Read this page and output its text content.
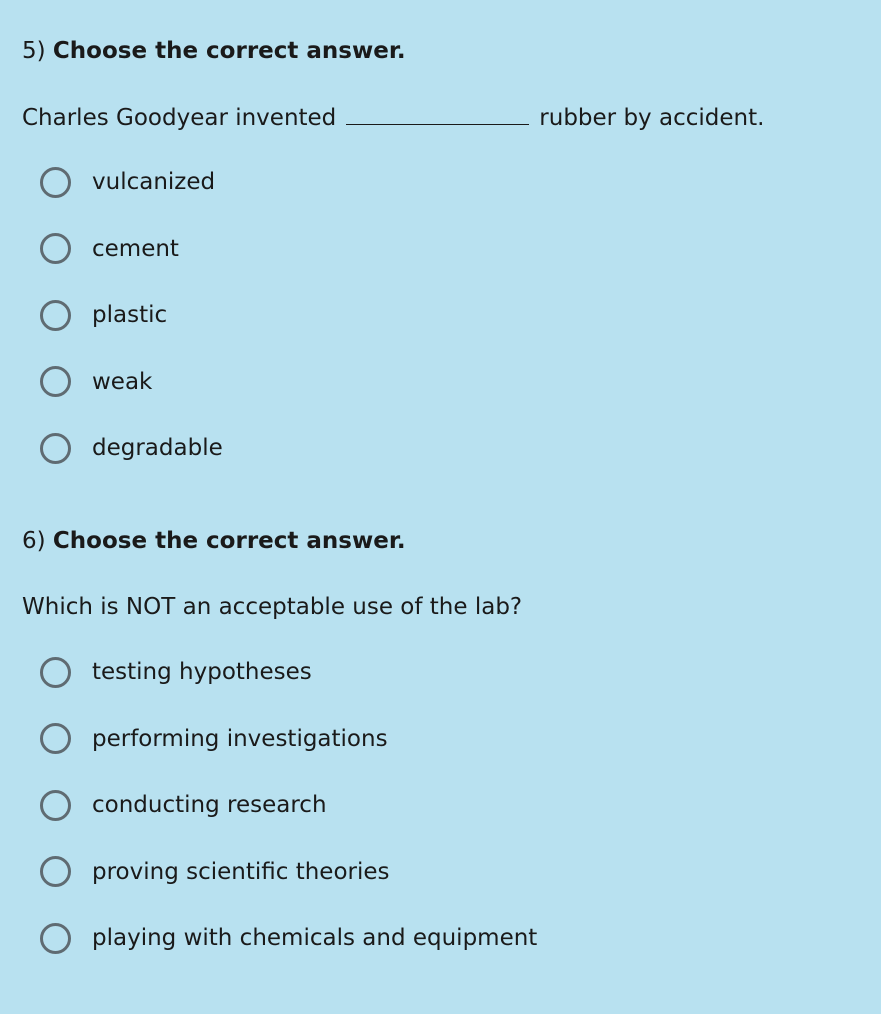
5) Choose the correct answer.
Charles Goodyear invented	rubber by accident.
vulcanized
cement
plastic
weak
degradable
6) Choose the correct answer.
Which is NOT an acceptable use of the lab?
testing hypotheses
performing investigations
conducting research
proving scientific theories
playing with chemicals and equipment
